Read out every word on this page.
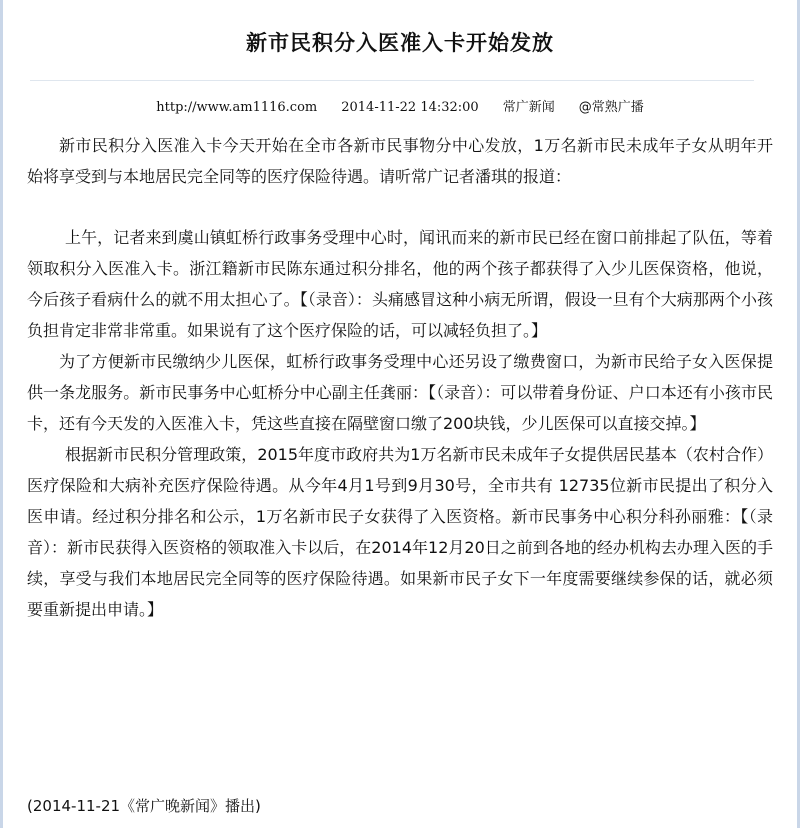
新市民积分入医准入卡开始发放
http://www.am1116.com 2014-11-22 14:32:00 常广新闻 @常熟广播

新市民积分入医准入卡今天开始在全市各新市民事物分中心发放，1万名新市民未成年子女从明年开始将享受到与本地居民完全同等的医疗保险待遇。请听常广记者潘琪的报道：

上午，记者来到虞山镇虹桥行政事务受理中心时，闻讯而来的新市民已经在窗口前排起了队伍，等着领取积分入医准入卡。浙江籍新市民陈东通过积分排名，他的两个孩子都获得了入少儿医保资格，他说，今后孩子看病什么的就不用太担心了。【（录音）：头痛感冒这种小病无所谓，假设一旦有个大病那两个小孩负担肯定非常非常重。如果说有了这个医疗保险的话，可以减轻负担了。】

为了方便新市民缴纳少儿医保，虹桥行政事务受理中心还另设了缴费窗口，为新市民给子女入医保提供一条龙服务。新市民事务中心虹桥分中心副主任龚丽：【（录音）：可以带着身份证、户口本还有小孩市民卡，还有今天发的入医准入卡，凭这些直接在隔壁窗口缴了200块钱，少儿医保可以直接交掉。】

根据新市民积分管理政策，2015年度市政府共为1万名新市民未成年子女提供居民基本（农村合作）医疗保险和大病补充医疗保险待遇。从今年4月1号到9月30号，全市共有 12735位新市民提出了积分入医申请。经过积分排名和公示，1万名新市民子女获得了入医资格。新市民事务中心积分科孙丽雅：【（录音）：新市民获得入医资格的领取准入卡以后，在2014年12月20日之前到各地的经办机构去办理入医的手续，享受与我们本地居民完全同等的医疗保险待遇。如果新市民子女下一年度需要继续参保的话，就必须要重新提出申请。】

(2014-11-21《常广晚新闻》播出)
